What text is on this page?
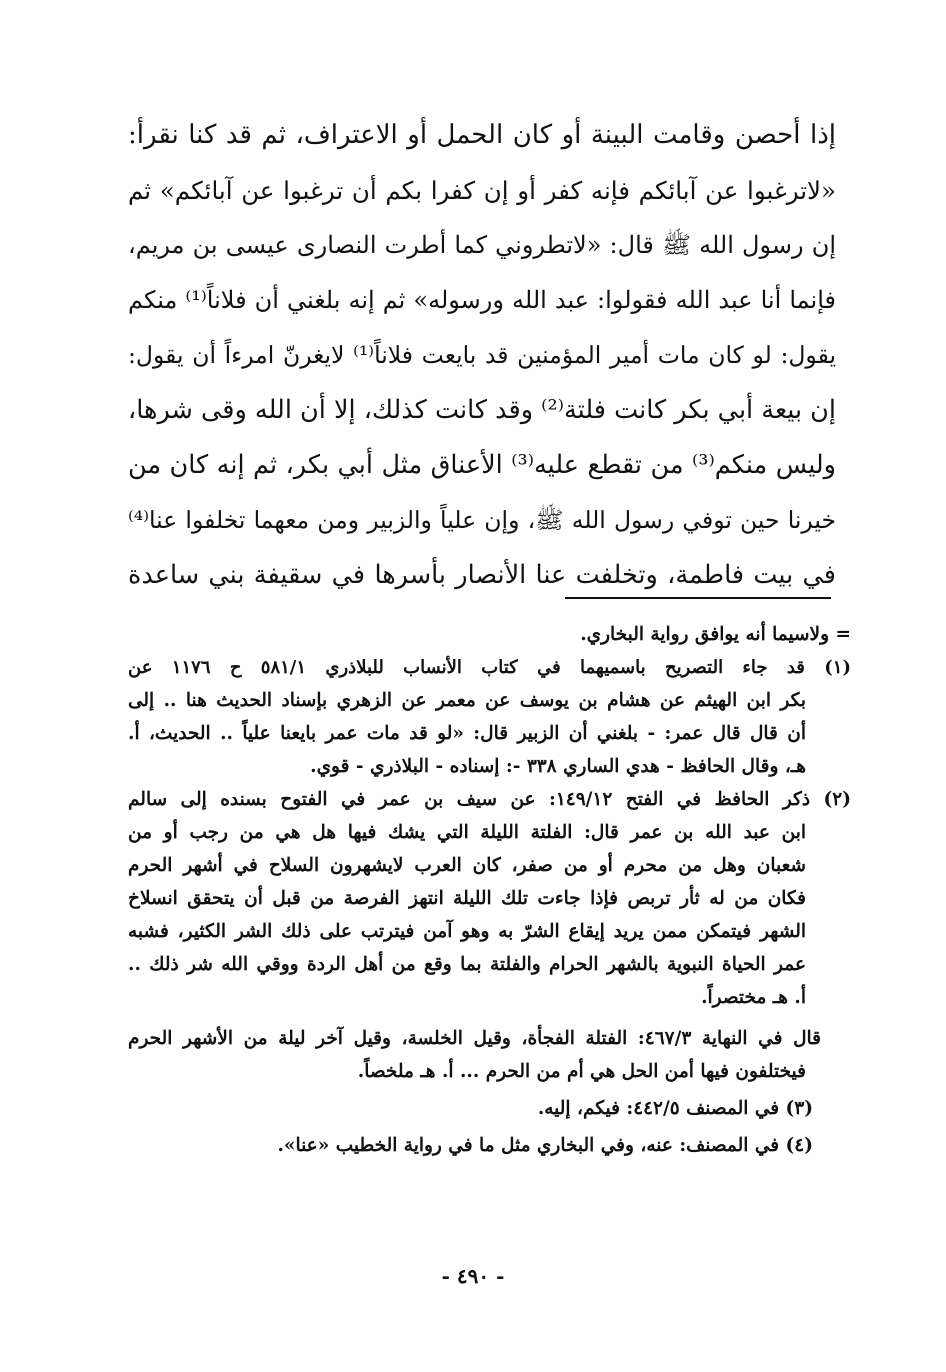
إذا أحصن وقامت البينة أو كان الحمل أو الاعتراف، ثم قد كنا نقرأ:
«لاترغبوا عن آبائكم فإنه كفر أو إن كفرا بكم أن ترغبوا عن آبائكم» ثم
إن رسول الله ﷺ قال: «لاتطروني كما أطرت النصارى عيسى بن مريم،
فإنما أنا عبد الله فقولوا: عبد الله ورسوله» ثم إنه بلغني أن فلاناً⁽¹⁾ منكم
يقول: لو كان مات أمير المؤمنين قد بايعت فلاناً⁽¹⁾ لايغرنّ امرءاً أن يقول:
إن بيعة أبي بكر كانت فلتة⁽²⁾ وقد كانت كذلك، إلا أن الله وقى شرها،
وليس منكم⁽³⁾ من تقطع عليه⁽³⁾ الأعناق مثل أبي بكر، ثم إنه كان من
خيرنا حين توفي رسول الله ﷺ، وإن علياً والزبير ومن معهما تخلفوا عنا⁽⁴⁾
في بيت فاطمة، وتخلفت عنا الأنصار بأسرها في سقيفة بني ساعدة
= ولاسيما أنه يوافق رواية البخاري.
(١) قد جاء التصريح باسميهما في كتاب الأنساب للبلاذري ٥٨١/١ ح ١١٧٦ عن
بكر ابن الهيثم عن هشام بن يوسف عن معمر عن الزهري بإسناد الحديث هنا .. إلى
أن قال قال عمر: - بلغني أن الزبير قال: «لو قد مات عمر بايعنا علياً .. الحديث، أ.
هـ، وقال الحافظ - هدي الساري ٣٣٨ -: إسناده - البلاذري - قوي.
(٢) ذكر الحافظ في الفتح ١٤٩/١٢: عن سيف بن عمر في الفتوح بسنده إلى سالم
ابن عبد الله بن عمر قال: الفلتة الليلة التي يشك فيها هل هي من رجب أو من
شعبان وهل من محرم أو من صفر، كان العرب لايشهرون السلاح في أشهر الحرم
فكان من له ثأر تربص فإذا جاءت تلك الليلة انتهز الفرصة من قبل أن يتحقق انسلاخ
الشهر فيتمكن ممن يريد إيقاع الشرّ به وهو آمن فيترتب على ذلك الشر الكثير، فشبه
عمر الحياة النبوية بالشهر الحرام والفلتة بما وقع من أهل الردة ووقي الله شر ذلك ..
أ. هـ مختصراً.
قال في النهاية ٤٦٧/٣: الفتلة الفجأة، وقيل الخلسة، وقيل آخر ليلة من الأشهر الحرم
فيختلفون فيها أمن الحل هي أم من الحرم ... أ. هـ ملخصاً.
(٣) في المصنف ٤٤٢/٥: فيكم، إليه.
(٤) في المصنف: عنه، وفي البخاري مثل ما في رواية الخطيب «عنا».
- ٤٩٠ -
